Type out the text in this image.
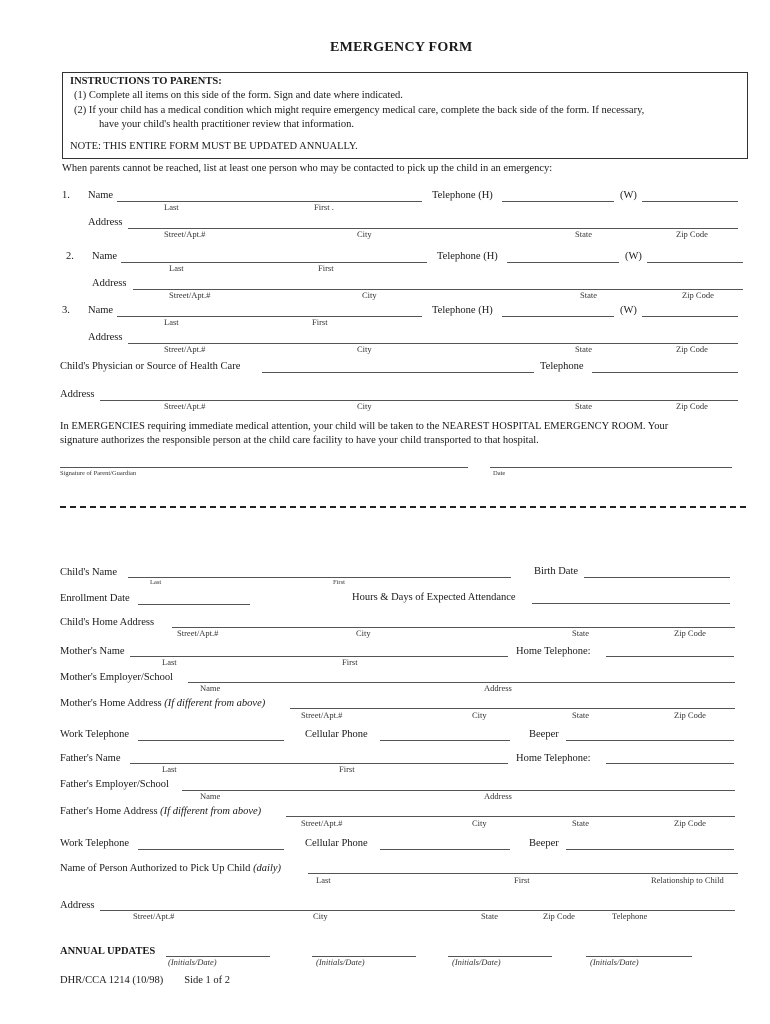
EMERGENCY FORM
INSTRUCTIONS TO PARENTS:
(1) Complete all items on this side of the form. Sign and date where indicated.
(2) If your child has a medical condition which might require emergency medical care, complete the back side of the form. If necessary,
have your child's health practitioner review that information.
NOTE: THIS ENTIRE FORM MUST BE UPDATED ANNUALLY.
When parents cannot be reached, list at least one person who may be contacted to pick up the child in an emergency:
1. Name
Last	First .
Telephone (H)	(W)
Address
Street/Apt.#	City	State	Zip Code
2. Name
Last	First
Telephone (H)	(W)
Address
Street/Apt.#	City	State	Zip Code
3. Name
Last	First
Telephone (H)	(W)
Address
Street/Apt.#	City	State	Zip Code
Child's Physician or Source of Health Care	Telephone
Address
Street/Apt.#	City	State	Zip Code
In EMERGENCIES requiring immediate medical attention, your child will be taken to the NEAREST HOSPITAL EMERGENCY ROOM. Your
signature authorizes the responsible person at the child care facility to have your child transported to that hospital.
Signature of Parent/Guardian	Date
Child's Name
Last	First
Birth Date
Enrollment Date	Hours & Days of Expected Attendance
Child's Home Address
Street/Apt.#	City	State	Zip Code
Mother's Name
Last	First
Home Telephone:
Mother's Employer/School
Name	Address
Mother's Home Address (If different from above)
Street/Apt.#	City	State	Zip Code
Work Telephone	Cellular Phone	Beeper
Father's Name
Last	First
Home Telephone:
Father's Employer/School
Name	Address
Father's Home Address (If different from above)
Street/Apt.#	City	State	Zip Code
Work Telephone	Cellular Phone	Beeper
Name of Person Authorized to Pick Up Child (daily)
Last	First	Relationship to Child
Address
Street/Apt.#	City	State	Zip Code	Telephone
ANNUAL UPDATES
(Initials/Date)	(Initials/Date)	(Initials/Date)	(Initials/Date)
DHR/CCA 1214 (10/98)        Side 1 of 2
